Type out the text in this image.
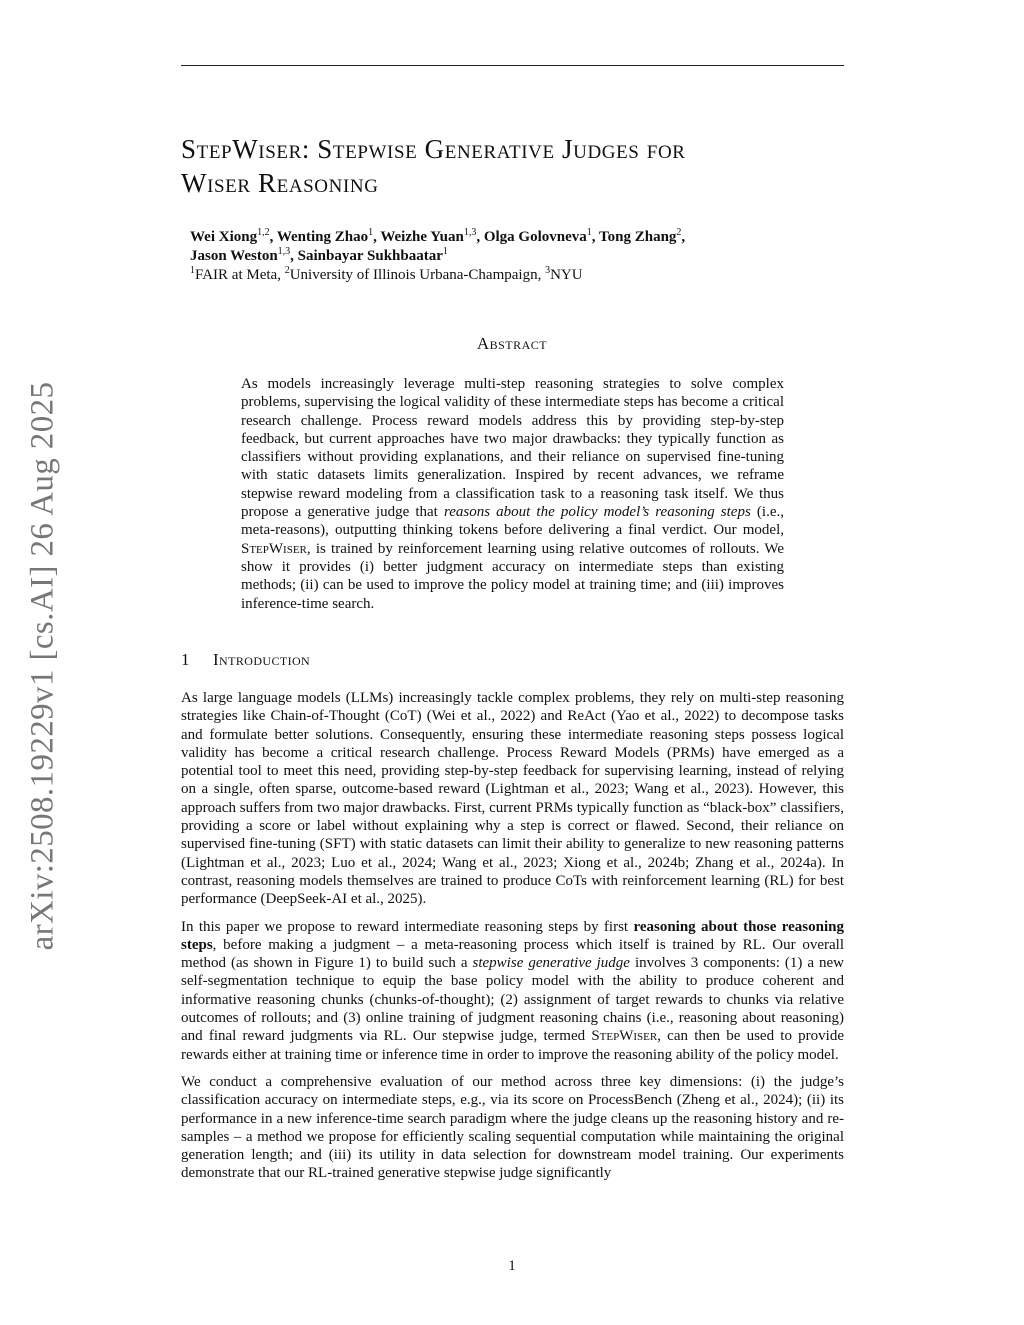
arXiv:2508.19229v1 [cs.AI] 26 Aug 2025
StepWiser: Stepwise Generative Judges for
Wiser Reasoning
Wei Xiong$^{1,2}$, Wenting Zhao$^1$, Weizhe Yuan$^{1,3}$, Olga Golovneva$^1$, Tong Zhang$^2$,
Jason Weston$^{1,3}$, Sainbayar Sukhbaatar$^1$
$^1$FAIR at Meta, $^2$University of Illinois Urbana-Champaign, $^3$NYU
Abstract
As models increasingly leverage multi-step reasoning strategies to solve complex problems, supervising the logical validity of these intermediate steps has become a critical research challenge. Process reward models address this by providing step-by-step feedback, but current approaches have two major drawbacks: they typically function as classifiers without providing explanations, and their reliance on supervised fine-tuning with static datasets limits generalization. Inspired by recent advances, we reframe stepwise reward modeling from a classification task to a reasoning task itself. We thus propose a generative judge that reasons about the policy model’s reasoning steps (i.e., meta-reasons), outputting thinking tokens before delivering a final verdict. Our model, StepWiser, is trained by reinforcement learning using relative outcomes of rollouts. We show it provides (i) better judgment accuracy on intermediate steps than existing methods; (ii) can be used to improve the policy model at training time; and (iii) improves inference-time search.
1 Introduction

As large language models (LLMs) increasingly tackle complex problems, they rely on multi-step reasoning strategies like Chain-of-Thought (CoT) (Wei et al., 2022) and ReAct (Yao et al., 2022) to decompose tasks and formulate better solutions. Consequently, ensuring these intermediate reasoning steps possess logical validity has become a critical research challenge. Process Reward Models (PRMs) have emerged as a potential tool to meet this need, providing step-by-step feedback for supervising learning, instead of relying on a single, often sparse, outcome-based reward (Lightman et al., 2023; Wang et al., 2023). However, this approach suffers from two major drawbacks. First, current PRMs typically function as “black-box” classifiers, providing a score or label without explaining why a step is correct or flawed. Second, their reliance on supervised fine-tuning (SFT) with static datasets can limit their ability to generalize to new reasoning patterns (Lightman et al., 2023; Luo et al., 2024; Wang et al., 2023; Xiong et al., 2024b; Zhang et al., 2024a). In contrast, reasoning models themselves are trained to produce CoTs with reinforcement learning (RL) for best performance (DeepSeek-AI et al., 2025).

In this paper we propose to reward intermediate reasoning steps by first reasoning about those reasoning steps, before making a judgment – a meta-reasoning process which itself is trained by RL. Our overall method (as shown in Figure 1) to build such a stepwise generative judge involves 3 components: (1) a new self-segmentation technique to equip the base policy model with the ability to produce coherent and informative reasoning chunks (chunks-of-thought); (2) assignment of target rewards to chunks via relative outcomes of rollouts; and (3) online training of judgment reasoning chains (i.e., reasoning about reasoning) and final reward judgments via RL. Our stepwise judge, termed StepWiser, can then be used to provide rewards either at training time or inference time in order to improve the reasoning ability of the policy model.

We conduct a comprehensive evaluation of our method across three key dimensions: (i) the judge’s classification accuracy on intermediate steps, e.g., via its score on ProcessBench (Zheng et al., 2024); (ii) its performance in a new inference-time search paradigm where the judge cleans up the reasoning history and re-samples – a method we propose for efficiently scaling sequential computation while maintaining the original generation length; and (iii) its utility in data selection for downstream model training. Our experiments demonstrate that our RL-trained generative stepwise judge significantly

1
